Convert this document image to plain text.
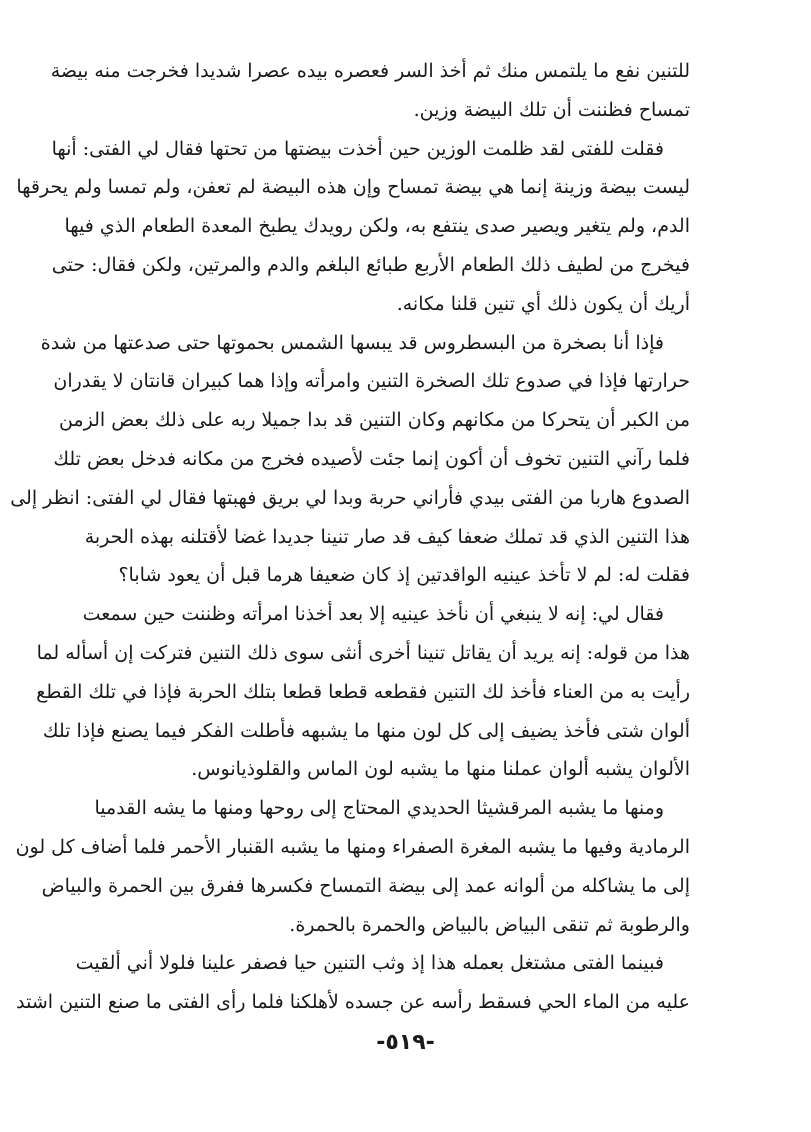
للتنين نفع ما يلتمس منك ثم أخذ السر فعصره بيده عصرا شديدا فخرجت منه بيضة
تمساح فظننت أن تلك البيضة وزين.
فقلت للفتى لقد ظلمت الوزين حين أخذت بيضتها من تحتها فقال لي الفتى: أنها
ليست بيضة وزينة إنما هي بيضة تمساح وإن هذه البيضة لم تعفن، ولم تمسا ولم يحرقها
الدم، ولم يتغير ويصير صدى ينتفع به، ولكن رويدك يطبخ المعدة الطعام الذي فيها
فيخرج من لطيف ذلك الطعام الأربع طبائع البلغم والدم والمرتين، ولكن فقال: حتى
أريك أن يكون ذلك أي تنين قلنا مكانه.
فإذا أنا بصخرة من البسطروس قد يبسها الشمس بحموتها حتى صدعتها من شدة
حرارتها فإذا في صدوع تلك الصخرة التنين وامرأته وإذا هما كبيران قانتان لا يقدران
من الكبر أن يتحركا من مكانهم وكان التنين قد بدا جميلا ربه على ذلك بعض الزمن
فلما رآني التنين تخوف أن أكون إنما جئت لأصيده فخرج من مكانه فدخل بعض تلك
الصدوع هاربا من الفتى بيدي فأراني حربة وبدا لي بريق فهبتها فقال لي الفتى: انظر إلى
هذا التنين الذي قد تملك ضعفا كيف قد صار تنينا جديدا غضا لأقتلنه بهذه الحربة
فقلت له: لم لا تأخذ عينيه الواقدتين إذ كان ضعيفا هرما قبل أن يعود شابا؟
فقال لي: إنه لا ينبغي أن نأخذ عينيه إلا بعد أخذنا امرأته وظننت حين سمعت
هذا من قوله: إنه يريد أن يقاتل تنينا أخرى أنثى سوى ذلك التنين فتركت إن أسأله لما
رأيت به من العناء فأخذ لك التنين فقطعه قطعا قطعا بتلك الحربة فإذا في تلك القطع
ألوان شتى فأخذ يضيف إلى كل لون منها ما يشبهه فأطلت الفكر فيما يصنع فإذا تلك
الألوان يشبه ألوان عملنا منها ما يشبه لون الماس والقلوذيانوس.
ومنها ما يشبه المرقشيثا الحديدي المحتاج إلى روحها ومنها ما يشه القدميا
الرمادية وفيها ما يشبه المغرة الصفراء ومنها ما يشبه القنبار الأحمر فلما أضاف كل لون
إلى ما يشاكله من ألوانه عمد إلى بيضة التمساح فكسرها ففرق بين الحمرة والبياض
والرطوبة ثم تنقى البياض بالبياض والحمرة بالحمرة.
فبينما الفتى مشتغل بعمله هذا إذ وثب التنين حيا فصفر علينا فلولا أني ألقيت
عليه من الماء الحي فسقط رأسه عن جسده لأهلكنا فلما رأى الفتى ما صنع التنين اشتد
-٥١٩-
